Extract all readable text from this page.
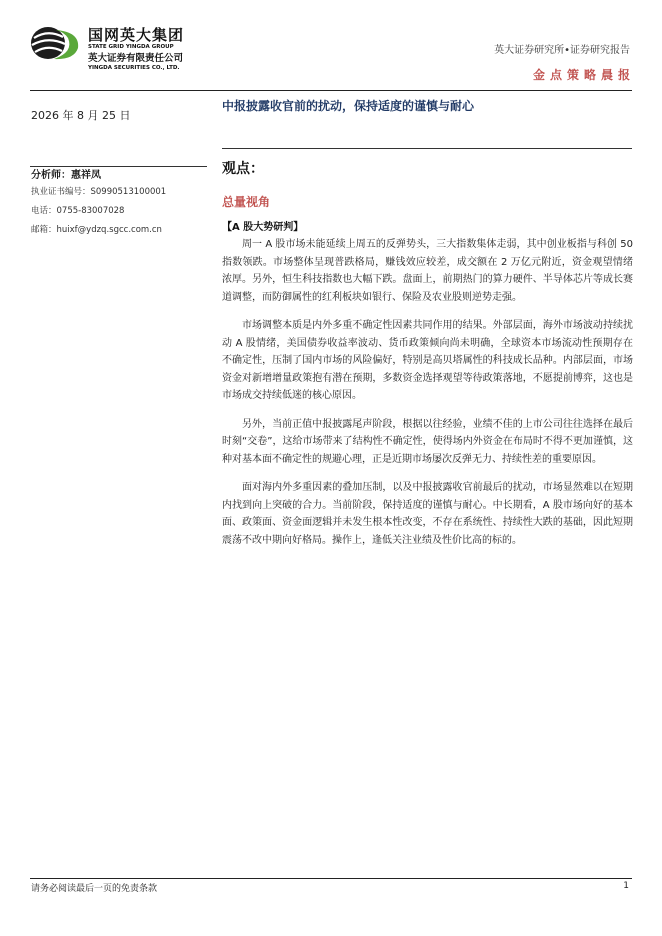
国网英大集团
STATE GRID YINGDA GROUP
英大证券有限责任公司
YINGDA SECURITIES CO., LTD.
英大证券研究所•证券研究报告
金点策略晨报
2026 年 8 月 25 日
中报披露收官前的扰动，保持适度的谨慎与耐心
分析师：惠祥凤
执业证书编号：S0990513100001
电话：0755-83007028
邮箱：huixf@ydzq.sgcc.com.cn
观点：
总量视角
【A 股大势研判】

周一 A 股市场未能延续上周五的反弹势头，三大指数集体走弱，其中创业板指与科创 50 指数领跌。市场整体呈现普跌格局，赚钱效应较差，成交额在 2 万亿元附近，资金观望情绪浓厚。另外，恒生科技指数也大幅下跌。盘面上，前期热门的算力硬件、半导体芯片等成长赛道调整，而防御属性的红利板块如银行、保险及农业股则逆势走强。

市场调整本质是内外多重不确定性因素共同作用的结果。外部层面，海外市场波动持续扰动 A 股情绪，美国债券收益率波动、货币政策倾向尚未明确，全球资本市场流动性预期存在不确定性，压制了国内市场的风险偏好，特别是高贝塔属性的科技成长品种。内部层面，市场资金对新增增量政策抱有潜在预期，多数资金选择观望等待政策落地，不愿提前博弈，这也是市场成交持续低迷的核心原因。

另外，当前正值中报披露尾声阶段，根据以往经验，业绩不佳的上市公司往往选择在最后时刻“交卷”，这给市场带来了结构性不确定性，使得场内外资金在布局时不得不更加谨慎，这种对基本面不确定性的规避心理，正是近期市场屡次反弹无力、持续性差的重要原因。

面对海内外多重因素的叠加压制，以及中报披露收官前最后的扰动，市场显然难以在短期内找到向上突破的合力。当前阶段，保持适度的谨慎与耐心。中长期看，A 股市场向好的基本面、政策面、资金面逻辑并未发生根本性改变，不存在系统性、持续性大跌的基础，因此短期震荡不改中期向好格局。操作上，逢低关注业绩及性价比高的标的。

请务必阅读最后一页的免责条款	1
